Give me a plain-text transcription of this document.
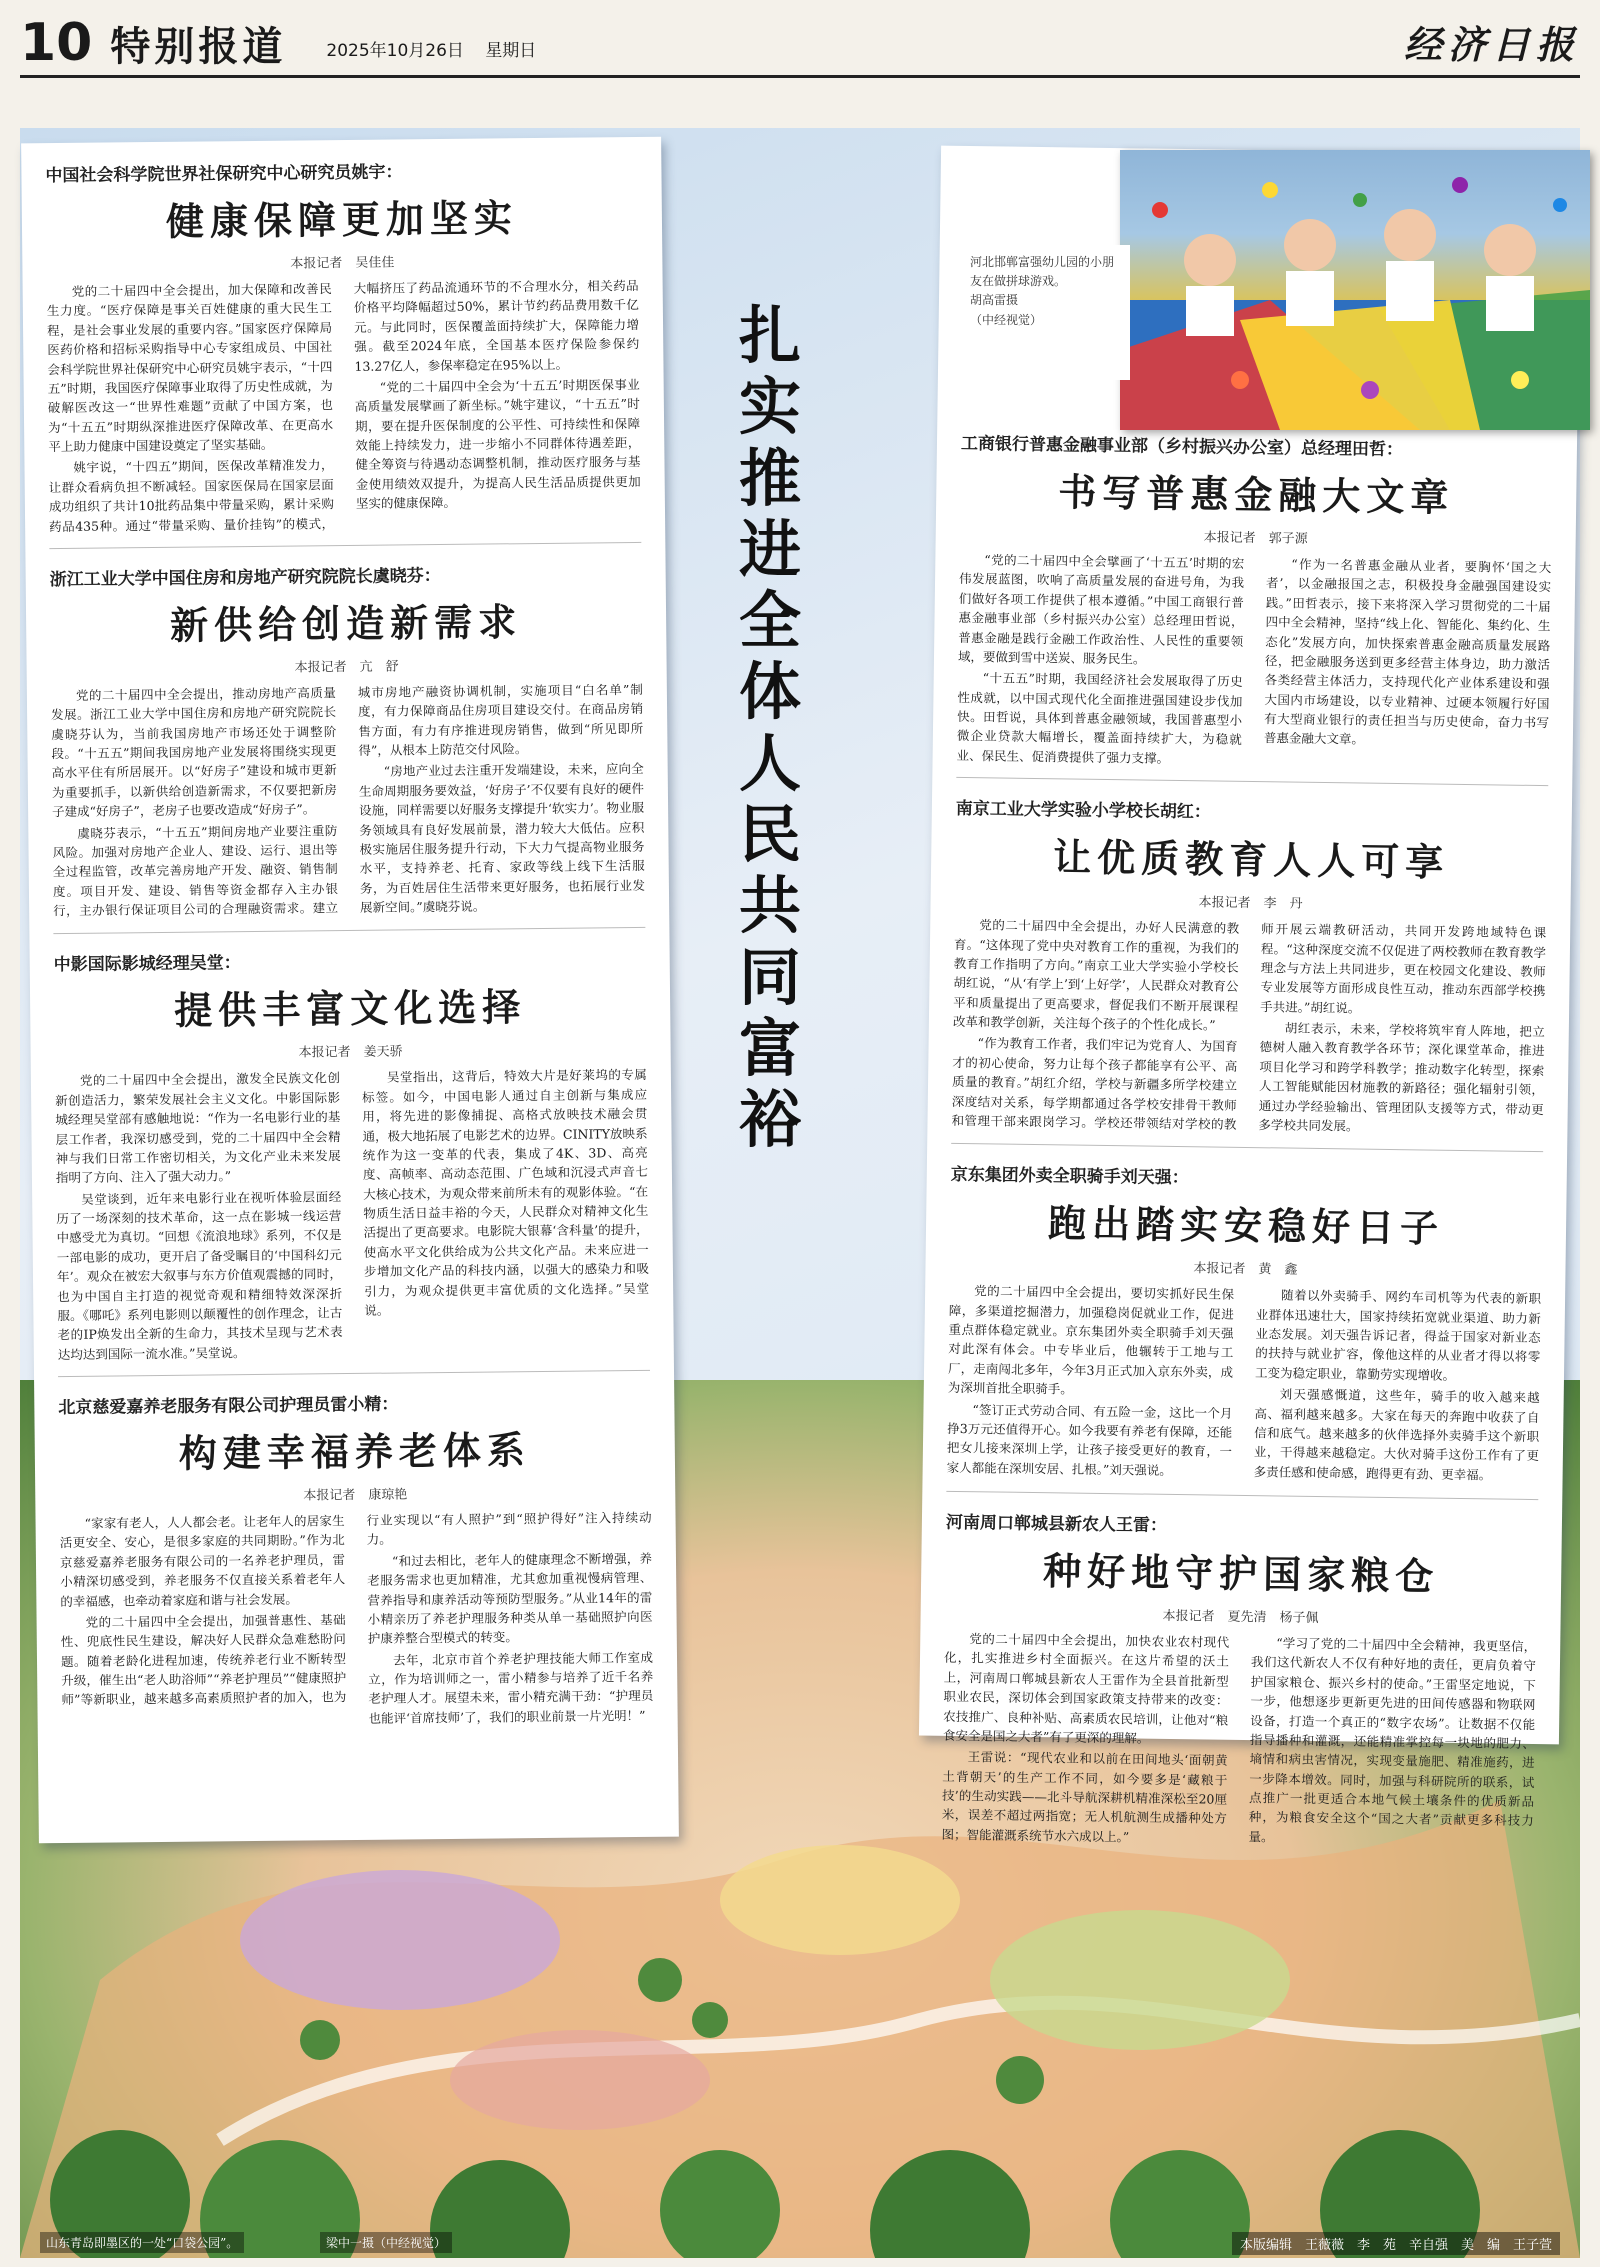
10 特别报道 2025年10月26日 星期日	经济日报
中国社会科学院世界社保研究中心研究员姚宇：
健康保障更加坚实
本报记者　吴佳佳

党的二十届四中全会提出，加大保障和改善民生力度。“医疗保障是事关百姓健康的重大民生工程，是社会事业发展的重要内容。”国家医疗保障局医药价格和招标采购指导中心专家组成员、中国社会科学院世界社保研究中心研究员姚宇表示，“十四五”时期，我国医疗保障事业取得了历史性成就，为破解医改这一“世界性难题”贡献了中国方案，也为“十五五”时期纵深推进医疗保障改革、在更高水平上助力健康中国建设奠定了坚实基础。

姚宇说，“十四五”期间，医保改革精准发力，让群众看病负担不断减轻。国家医保局在国家层面成功组织了共计10批药品集中带量采购，累计采购药品435种。通过“带量采购、量价挂钩”的模式，大幅挤压了药品流通环节的不合理水分，相关药品价格平均降幅超过50%，累计节约药品费用数千亿元。与此同时，医保覆盖面持续扩大，保障能力增强。截至2024年底，全国基本医疗保险参保约13.27亿人，参保率稳定在95%以上。

“党的二十届四中全会为‘十五五’时期医保事业高质量发展擘画了新坐标。”姚宇建议，“十五五”时期，要在提升医保制度的公平性、可持续性和保障效能上持续发力，进一步缩小不同群体待遇差距，健全筹资与待遇动态调整机制，推动医疗服务与基金使用绩效双提升，为提高人民生活品质提供更加坚实的健康保障。

浙江工业大学中国住房和房地产研究院院长虞晓芬：
新供给创造新需求
本报记者　亢　舒

党的二十届四中全会提出，推动房地产高质量发展。浙江工业大学中国住房和房地产研究院院长虞晓芬认为，当前我国房地产市场还处于调整阶段。“十五五”期间我国房地产业发展将围绕实现更高水平住有所居展开。以“好房子”建设和城市更新为重要抓手，以新供给创造新需求，不仅要把新房子建成“好房子”，老房子也要改造成“好房子”。

虞晓芬表示，“十五五”期间房地产业要注重防风险。加强对房地产企业人、建设、运行、退出等全过程监管，改革完善房地产开发、融资、销售制度。项目开发、建设、销售等资金都存入主办银行，主办银行保证项目公司的合理融资需求。建立城市房地产融资协调机制，实施项目“白名单”制度，有力保障商品住房项目建设交付。在商品房销售方面，有力有序推进现房销售，做到“所见即所得”，从根本上防范交付风险。

“房地产业过去注重开发端建设，未来，应向全生命周期服务要效益，‘好房子’不仅要有良好的硬件设施，同样需要以好服务支撑提升‘软实力’。物业服务领域具有良好发展前景，潜力较大大低估。应积极实施居住服务提升行动，下大力气提高物业服务水平，支持养老、托育、家政等线上线下生活服务，为百姓居住生活带来更好服务，也拓展行业发展新空间。”虞晓芬说。

中影国际影城经理吴堂：
提供丰富文化选择
本报记者　姜天骄

党的二十届四中全会提出，激发全民族文化创新创造活力，繁荣发展社会主义文化。中影国际影城经理吴堂部有感触地说：“作为一名电影行业的基层工作者，我深切感受到，党的二十届四中全会精神与我们日常工作密切相关，为文化产业未来发展指明了方向、注入了强大动力。”

吴堂谈到，近年来电影行业在视听体验层面经历了一场深刻的技术革命，这一点在影城一线运营中感受尤为真切。“回想《流浪地球》系列，不仅是一部电影的成功，更开启了备受瞩目的‘中国科幻元年’。观众在被宏大叙事与东方价值观震撼的同时，也为中国自主打造的视觉奇观和精细特效深深折服。《哪吒》系列电影则以颠覆性的创作理念，让古老的IP焕发出全新的生命力，其技术呈现与艺术表达均达到国际一流水准。”吴堂说。

吴堂指出，这背后，特效大片是好莱坞的专属标签。如今，中国电影人通过自主创新与集成应用，将先进的影像捕捉、高格式放映技术融会贯通，极大地拓展了电影艺术的边界。CINITY放映系统作为这一变革的代表，集成了4K、3D、高亮度、高帧率、高动态范围、广色域和沉浸式声音七大核心技术，为观众带来前所未有的观影体验。“在物质生活日益丰裕的今天，人民群众对精神文化生活提出了更高要求。电影院大银幕‘含科量’的提升，使高水平文化供给成为公共文化产品。未来应进一步增加文化产品的科技内涵，以强大的感染力和吸引力，为观众提供更丰富优质的文化选择。”吴堂说。

北京慈爱嘉养老服务有限公司护理员雷小精：
构建幸福养老体系
本报记者　康琼艳

“家家有老人，人人都会老。让老年人的居家生活更安全、安心，是很多家庭的共同期盼。”作为北京慈爱嘉养老服务有限公司的一名养老护理员，雷小精深切感受到，养老服务不仅直接关系着老年人的幸福感，也牵动着家庭和谐与社会发展。

党的二十届四中全会提出，加强普惠性、基础性、兜底性民生建设，解决好人民群众急难愁盼问题。随着老龄化进程加速，传统养老行业不断转型升级，催生出“老人助浴师”“养老护理员”“健康照护师”等新职业，越来越多高素质照护者的加入，也为行业实现以“有人照护”到“照护得好”注入持续动力。

“和过去相比，老年人的健康理念不断增强，养老服务需求也更加精准，尤其愈加重视慢病管理、营养指导和康养活动等预防型服务。”从业14年的雷小精亲历了养老护理服务种类从单一基础照护向医护康养整合型模式的转变。

去年，北京市首个养老护理技能大师工作室成立，作为培训师之一，雷小精参与培养了近千名养老护理人才。展望未来，雷小精充满干劲：“护理员也能评‘首席技师’了，我们的职业前景一片光明！”

扎
实
推
进
全
体
人
民
共
同
富
裕
工商银行普惠金融事业部（乡村振兴办公室）总经理田哲：
书写普惠金融大文章
本报记者　郭子源

“党的二十届四中全会擘画了‘十五五’时期的宏伟发展蓝图，吹响了高质量发展的奋进号角，为我们做好各项工作提供了根本遵循。”中国工商银行普惠金融事业部（乡村振兴办公室）总经理田哲说，普惠金融是践行金融工作政治性、人民性的重要领域，要做到雪中送炭、服务民生。

“十五五”时期，我国经济社会发展取得了历史性成就，以中国式现代化全面推进强国建设步伐加快。田哲说，具体到普惠金融领域，我国普惠型小微企业贷款大幅增长，覆盖面持续扩大，为稳就业、保民生、促消费提供了强力支撑。

“作为一名普惠金融从业者，要胸怀‘国之大者’，以金融报国之志，积极投身金融强国建设实践。”田哲表示，接下来将深入学习贯彻党的二十届四中全会精神，坚持“线上化、智能化、集约化、生态化”发展方向，加快探索普惠金融高质量发展路径，把金融服务送到更多经营主体身边，助力激活各类经营主体活力，支持现代化产业体系建设和强大国内市场建设，以专业精神、过硬本领履行好国有大型商业银行的责任担当与历史使命，奋力书写普惠金融大文章。

南京工业大学实验小学校长胡红：
让优质教育人人可享
本报记者　李　丹

党的二十届四中全会提出，办好人民满意的教育。“这体现了党中央对教育工作的重视，为我们的教育工作指明了方向。”南京工业大学实验小学校长胡红说，“从‘有学上’到‘上好学’，人民群众对教育公平和质量提出了更高要求，督促我们不断开展课程改革和教学创新，关注每个孩子的个性化成长。”

“作为教育工作者，我们牢记为党育人、为国育才的初心使命，努力让每个孩子都能享有公平、高质量的教育。”胡红介绍，学校与新疆多所学校建立深度结对关系，每学期都通过各学校安排骨干教师和管理干部来跟岗学习。学校还带领结对学校的教师开展云端教研活动，共同开发跨地域特色课程。“这种深度交流不仅促进了两校教师在教育教学理念与方法上共同进步，更在校园文化建设、教师专业发展等方面形成良性互动，推动东西部学校携手共进。”胡红说。

胡红表示，未来，学校将筑牢育人阵地，把立德树人融入教育教学各环节；深化课堂革命，推进项目化学习和跨学科教学；推动数字化转型，探索人工智能赋能因材施教的新路径；强化辐射引领，通过办学经验输出、管理团队支援等方式，带动更多学校共同发展。

京东集团外卖全职骑手刘天强：
跑出踏实安稳好日子
本报记者　黄　鑫

党的二十届四中全会提出，要切实抓好民生保障，多渠道挖掘潜力，加强稳岗促就业工作，促进重点群体稳定就业。京东集团外卖全职骑手刘天强对此深有体会。中专毕业后，他辗转于工地与工厂，走南闯北多年，今年3月正式加入京东外卖，成为深圳首批全职骑手。

“签订正式劳动合同、有五险一金，这比一个月挣3万元还值得开心。如今我要有养老有保障，还能把女儿接来深圳上学，让孩子接受更好的教育，一家人都能在深圳安居、扎根。”刘天强说。

随着以外卖骑手、网约车司机等为代表的新职业群体迅速壮大，国家持续拓宽就业渠道、助力新业态发展。刘天强告诉记者，得益于国家对新业态的扶持与就业扩容，像他这样的从业者才得以将零工变为稳定职业，靠勤劳实现增收。

刘天强感慨道，这些年，骑手的收入越来越高、福利越来越多。大家在每天的奔跑中收获了自信和底气。越来越多的伙伴选择外卖骑手这个新职业，干得越来越稳定。大伙对骑手这份工作有了更多责任感和使命感，跑得更有劲、更幸福。

河南周口郸城县新农人王雷：
种好地守护国家粮仓
本报记者　夏先清　杨子佩

党的二十届四中全会提出，加快农业农村现代化，扎实推进乡村全面振兴。在这片希望的沃土上，河南周口郸城县新农人王雷作为全县首批新型职业农民，深切体会到国家政策支持带来的改变：农技推广、良种补贴、高素质农民培训，让他对“粮食安全是国之大者”有了更深的理解。

王雷说：“现代农业和以前在田间地头‘面朝黄土背朝天’的生产工作不同，如今要多是‘藏粮于技’的生动实践——北斗导航深耕机精准深松至20厘米，误差不超过两指宽；无人机航测生成播种处方图；智能灌溉系统节水六成以上。”

“学习了党的二十届四中全会精神，我更坚信，我们这代新农人不仅有种好地的责任，更肩负着守护国家粮仓、振兴乡村的使命。”王雷坚定地说，下一步，他想逐步更新更先进的田间传感器和物联网设备，打造一个真正的“数字农场”。让数据不仅能指导播种和灌溉，还能精准掌控每一块地的肥力、墒情和病虫害情况，实现变量施肥、精准施药，进一步降本增效。同时，加强与科研院所的联系，试点推广一批更适合本地气候土壤条件的优质新品种，为粮食安全这个“国之大者”贡献更多科技力量。

河北邯郸富强幼儿园的小朋友在做拼球游戏。
胡高雷摄
（中经视觉）
山东青岛即墨区的一处“口袋公园”。	梁中一摄（中经视觉）	本版编辑　王薇薇　李　苑　辛自强　美　编　王子萱
